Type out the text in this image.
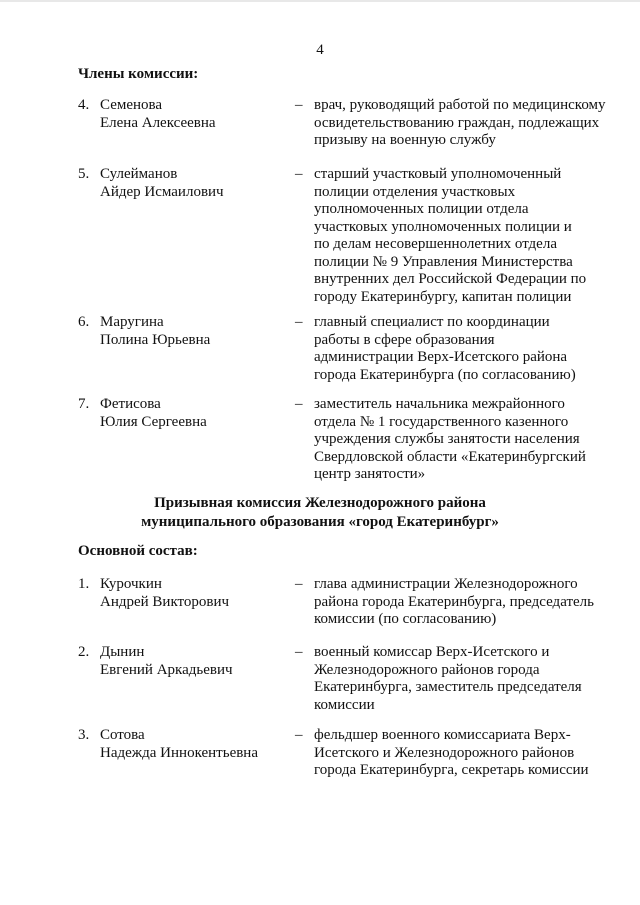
4
Члены комиссии:
4. Семенова
Елена Алексеевна
– врач, руководящий работой по медицинскому
освидетельствованию граждан, подлежащих
призыву на военную службу
5. Сулейманов
Айдер Исмаилович
– старший участковый уполномоченный
полиции отделения участковых
уполномоченных полиции отдела
участковых уполномоченных полиции и
по делам несовершеннолетних отдела
полиции № 9 Управления Министерства
внутренних дел Российской Федерации по
городу Екатеринбургу, капитан полиции
6. Маругина
Полина Юрьевна
– главный специалист по координации
работы в сфере образования
администрации Верх-Исетского района
города Екатеринбурга (по согласованию)
7. Фетисова
Юлия Сергеевна
– заместитель начальника межрайонного
отдела № 1 государственного казенного
учреждения службы занятости населения
Свердловской области «Екатеринбургский
центр занятости»
Призывная комиссия Железнодорожного района
муниципального образования «город Екатеринбург»
Основной состав:
1. Курочкин
Андрей Викторович
– глава администрации Железнодорожного
района города Екатеринбурга, председатель
комиссии (по согласованию)
2. Дынин
Евгений Аркадьевич
– военный комиссар Верх-Исетского и
Железнодорожного районов города
Екатеринбурга, заместитель председателя
комиссии
3. Сотова
Надежда Иннокентьевна
– фельдшер военного комиссариата Верх-
Исетского и Железнодорожного районов
города Екатеринбурга, секретарь комиссии
